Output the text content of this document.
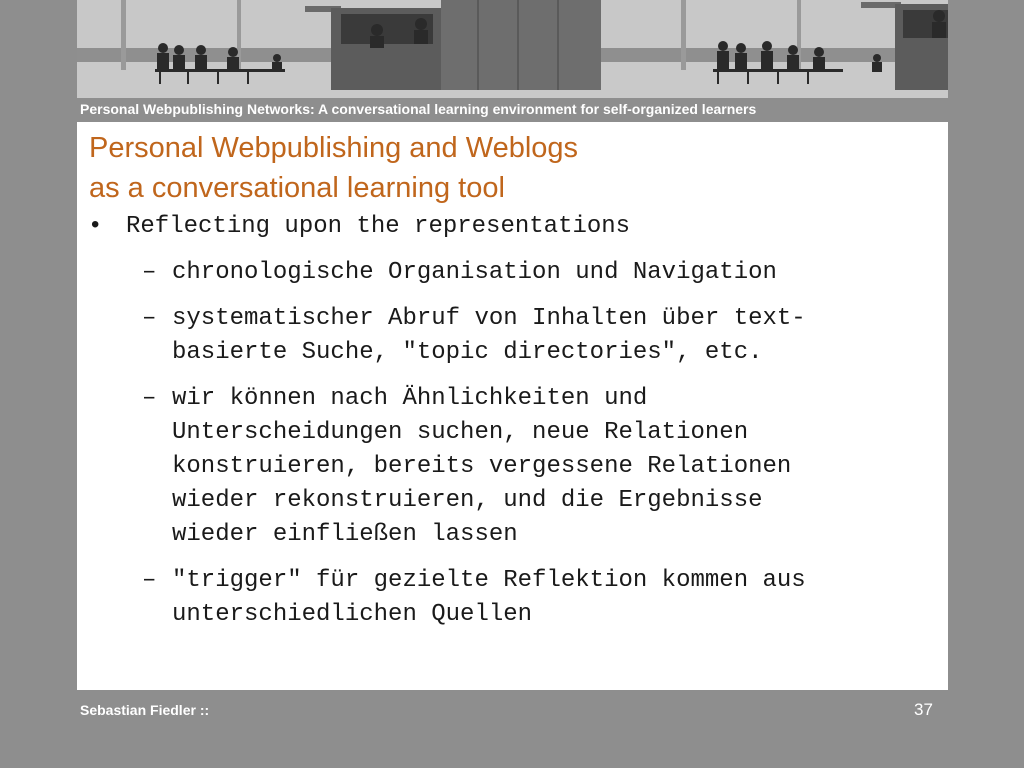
Personal Webpublishing Networks: A conversational learning environment for self-organized learners
Personal Webpublishing and Weblogs
as a conversational learning tool
• Reflecting upon the representations
– chronologische Organisation und Navigation
– systematischer Abruf von Inhalten über text-
basierte Suche, "topic directories", etc.
– wir können nach Ähnlichkeiten und
Unterscheidungen suchen, neue Relationen
konstruieren, bereits vergessene Relationen
wieder rekonstruieren, und die Ergebnisse
wieder einfließen lassen
– "trigger" für gezielte Reflektion kommen aus
unterschiedlichen Quellen
Sebastian Fiedler ::	37
